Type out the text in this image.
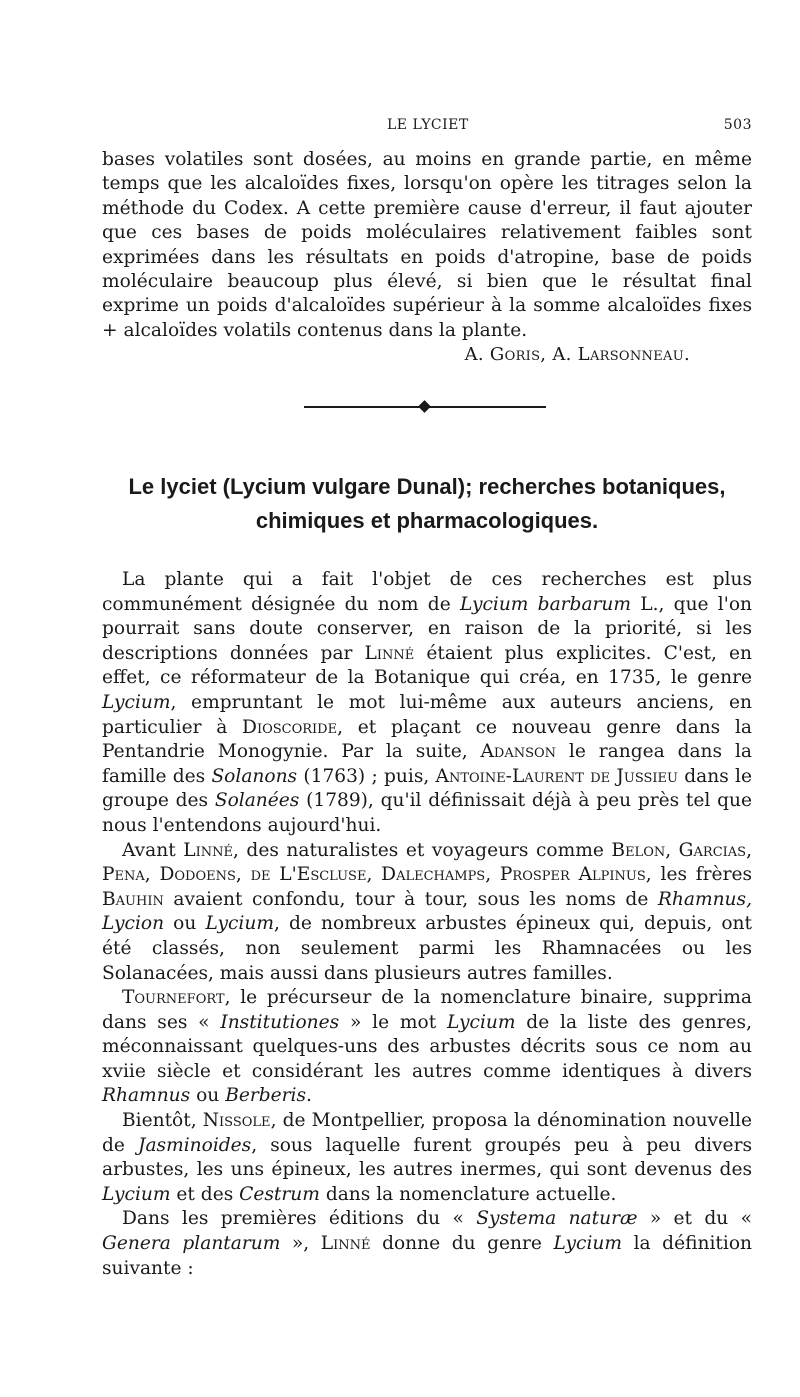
LE LYCIET	503

bases volatiles sont dosées, au moins en grande partie, en même temps que les alcaloïdes fixes, lorsqu'on opère les titrages selon la méthode du Codex. A cette première cause d'erreur, il faut ajouter que ces bases de poids moléculaires relativement faibles sont exprimées dans les résultats en poids d'atropine, base de poids moléculaire beaucoup plus élevé, si bien que le résultat final exprime un poids d'alcaloïdes supérieur à la somme alcaloïdes fixes + alcaloïdes volatils contenus dans la plante.

A. Goris, A. Larsonneau.
Le lyciet (Lycium vulgare Dunal); recherches botaniques,
chimiques et pharmacologiques.

La plante qui a fait l'objet de ces recherches est plus communément désignée du nom de Lycium barbarum L., que l'on pourrait sans doute conserver, en raison de la priorité, si les descriptions données par Linné étaient plus explicites. C'est, en effet, ce réformateur de la Botanique qui créa, en 1735, le genre Lycium, empruntant le mot lui-même aux auteurs anciens, en particulier à Dioscoride, et plaçant ce nouveau genre dans la Pentandrie Monogynie. Par la suite, Adanson le rangea dans la famille des Solanons (1763) ; puis, Antoine-Laurent de Jussieu dans le groupe des Solanées (1789), qu'il définissait déjà à peu près tel que nous l'entendons aujourd'hui.

Avant Linné, des naturalistes et voyageurs comme Belon, Garcias, Pena, Dodoens, de L'Escluse, Dalechamps, Prosper Alpinus, les frères Bauhin avaient confondu, tour à tour, sous les noms de Rhamnus, Lycion ou Lycium, de nombreux arbustes épineux qui, depuis, ont été classés, non seulement parmi les Rhamnacées ou les Solanacées, mais aussi dans plusieurs autres familles.

Tournefort, le précurseur de la nomenclature binaire, supprima dans ses « Institutiones » le mot Lycium de la liste des genres, méconnaissant quelques-uns des arbustes décrits sous ce nom au xviie siècle et considérant les autres comme identiques à divers Rhamnus ou Berberis.

Bientôt, Nissole, de Montpellier, proposa la dénomination nouvelle de Jasminoides, sous laquelle furent groupés peu à peu divers arbustes, les uns épineux, les autres inermes, qui sont devenus des Lycium et des Cestrum dans la nomenclature actuelle.

Dans les premières éditions du « Systema naturæ » et du « Genera plantarum », Linné donne du genre Lycium la définition suivante :
